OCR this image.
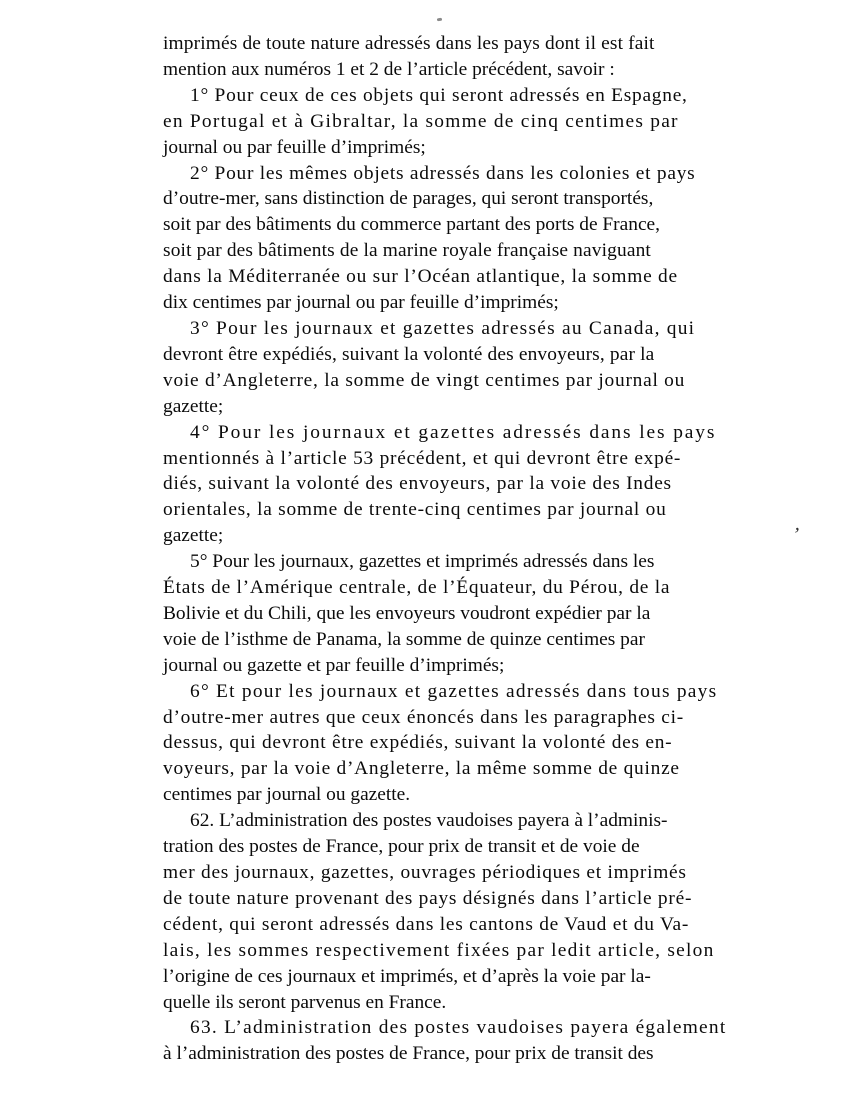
imprimés de toute nature adressés dans les pays dont il est fait
mention aux numéros 1 et 2 de l’article précédent, savoir :
1° Pour ceux de ces objets qui seront adressés en Espagne,
en Portugal et à Gibraltar, la somme de cinq centimes par
journal ou par feuille d’imprimés;
2° Pour les mêmes objets adressés dans les colonies et pays
d’outre-mer, sans distinction de parages, qui seront transportés,
soit par des bâtiments du commerce partant des ports de France,
soit par des bâtiments de la marine royale française naviguant
dans la Méditerranée ou sur l’Océan atlantique, la somme de
dix centimes par journal ou par feuille d’imprimés;
3° Pour les journaux et gazettes adressés au Canada, qui
devront être expédiés, suivant la volonté des envoyeurs, par la
voie d’Angleterre, la somme de vingt centimes par journal ou
gazette;
4° Pour les journaux et gazettes adressés dans les pays
mentionnés à l’article 53 précédent, et qui devront être expé-
diés, suivant la volonté des envoyeurs, par la voie des Indes
orientales, la somme de trente-cinq centimes par journal ou
gazette;
5° Pour les journaux, gazettes et imprimés adressés dans les
États de l’Amérique centrale, de l’Équateur, du Pérou, de la
Bolivie et du Chili, que les envoyeurs voudront expédier par la
voie de l’isthme de Panama, la somme de quinze centimes par
journal ou gazette et par feuille d’imprimés;
6° Et pour les journaux et gazettes adressés dans tous pays
d’outre-mer autres que ceux énoncés dans les paragraphes ci-
dessus, qui devront être expédiés, suivant la volonté des en-
voyeurs, par la voie d’Angleterre, la même somme de quinze
centimes par journal ou gazette.
62. L’administration des postes vaudoises payera à l’adminis-
tration des postes de France, pour prix de transit et de voie de
mer des journaux, gazettes, ouvrages périodiques et imprimés
de toute nature provenant des pays désignés dans l’article pré-
cédent, qui seront adressés dans les cantons de Vaud et du Va-
lais, les sommes respectivement fixées par ledit article, selon
l’origine de ces journaux et imprimés, et d’après la voie par la-
quelle ils seront parvenus en France.
63. L’administration des postes vaudoises payera également
à l’administration des postes de France, pour prix de transit des
’
